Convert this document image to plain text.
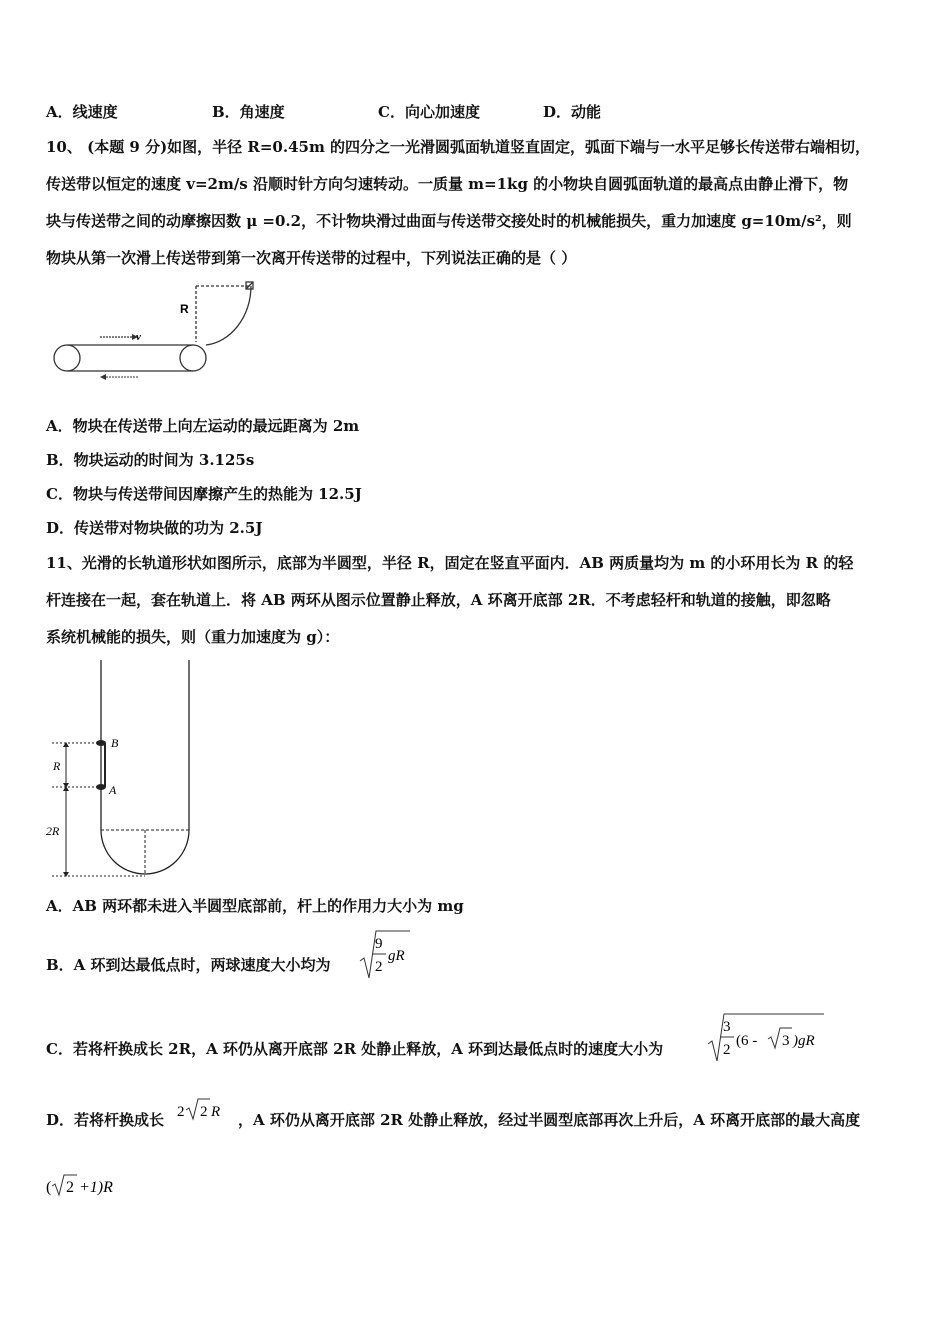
A．线速度	B．角速度	C．向心加速度	D．动能
10、 (本题 9 分)如图，半径 R=0.45m 的四分之一光滑圆弧面轨道竖直固定，弧面下端与一水平足够长传送带右端相切，
传送带以恒定的速度 v=2m/s 沿顺时针方向匀速转动。一质量 m=1kg 的小物块自圆弧面轨道的最高点由静止滑下，物
块与传送带之间的动摩擦因数 μ =0.2，不计物块滑过曲面与传送带交接处时的机械能损失，重力加速度 g=10m/s²，则
物块从第一次滑上传送带到第一次离开传送带的过程中，下列说法正确的是（ ）
v
R
A．物块在传送带上向左运动的最远距离为 2m
B．物块运动的时间为 3.125s
C．物块与传送带间因摩擦产生的热能为 12.5J
D．传送带对物块做的功为 2.5J
11、光滑的长轨道形状如图所示，底部为半圆型，半径 R，固定在竖直平面内．AB 两质量均为 m 的小环用长为 R 的轻
杆连接在一起，套在轨道上．将 AB 两环从图示位置静止释放，A 环离开底部 2R．不考虑轻杆和轨道的接触，即忽略
系统机械能的损失，则（重力加速度为 g）：
B
A
R
2R
A．AB 两环都未进入半圆型底部前，杆上的作用力大小为 mg
B．A 环到达最低点时，两球速度大小均为
9
2
gR
C．若将杆换成长 2R，A 环仍从离开底部 2R 处静止释放，A 环到达最低点时的速度大小为
3
2
(6 - 3 )gR
D．若将杆换成长 2 2 R ，A 环仍从离开底部 2R 处静止释放，经过半圆型底部再次上升后，A 环离开底部的最大高度
( 2 +1)R
